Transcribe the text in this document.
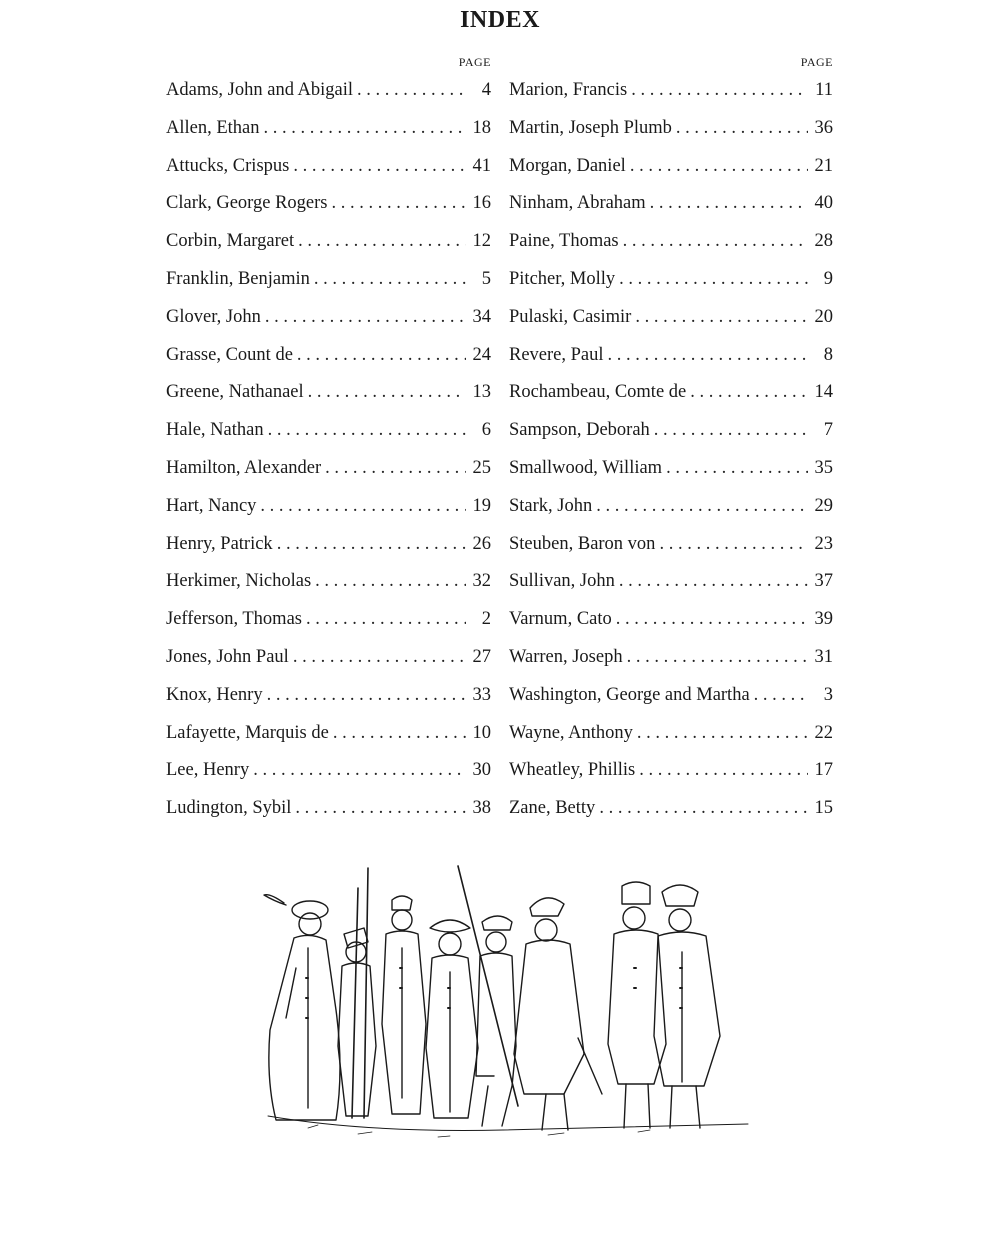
INDEX
PAGE
Adams, John and Abigail . . .	4
Allen, Ethan . . .	18
Attucks, Crispus . . .	41
Clark, George Rogers . . .	16
Corbin, Margaret . . .	12
Franklin, Benjamin . . .	5
Glover, John . . .	34
Grasse, Count de . . .	24
Greene, Nathanael . . .	13
Hale, Nathan . . .	6
Hamilton, Alexander . . .	25
Hart, Nancy . . .	19
Henry, Patrick . . .	26
Herkimer, Nicholas . . .	32
Jefferson, Thomas . . .	2
Jones, John Paul . . .	27
Knox, Henry . . .	33
Lafayette, Marquis de . . .	10
Lee, Henry . . .	30
Ludington, Sybil . . .	38
PAGE
Marion, Francis . . .	11
Martin, Joseph Plumb . . .	36
Morgan, Daniel . . .	21
Ninham, Abraham . . .	40
Paine, Thomas . . .	28
Pitcher, Molly . . .	9
Pulaski, Casimir . . .	20
Revere, Paul . . .	8
Rochambeau, Comte de . . .	14
Sampson, Deborah . . .	7
Smallwood, William . . .	35
Stark, John . . .	29
Steuben, Baron von . . .	23
Sullivan, John . . .	37
Varnum, Cato . . .	39
Warren, Joseph . . .	31
Washington, George and Martha . . .	3
Wayne, Anthony . . .	22
Wheatley, Phillis . . .	17
Zane, Betty . . .	15
